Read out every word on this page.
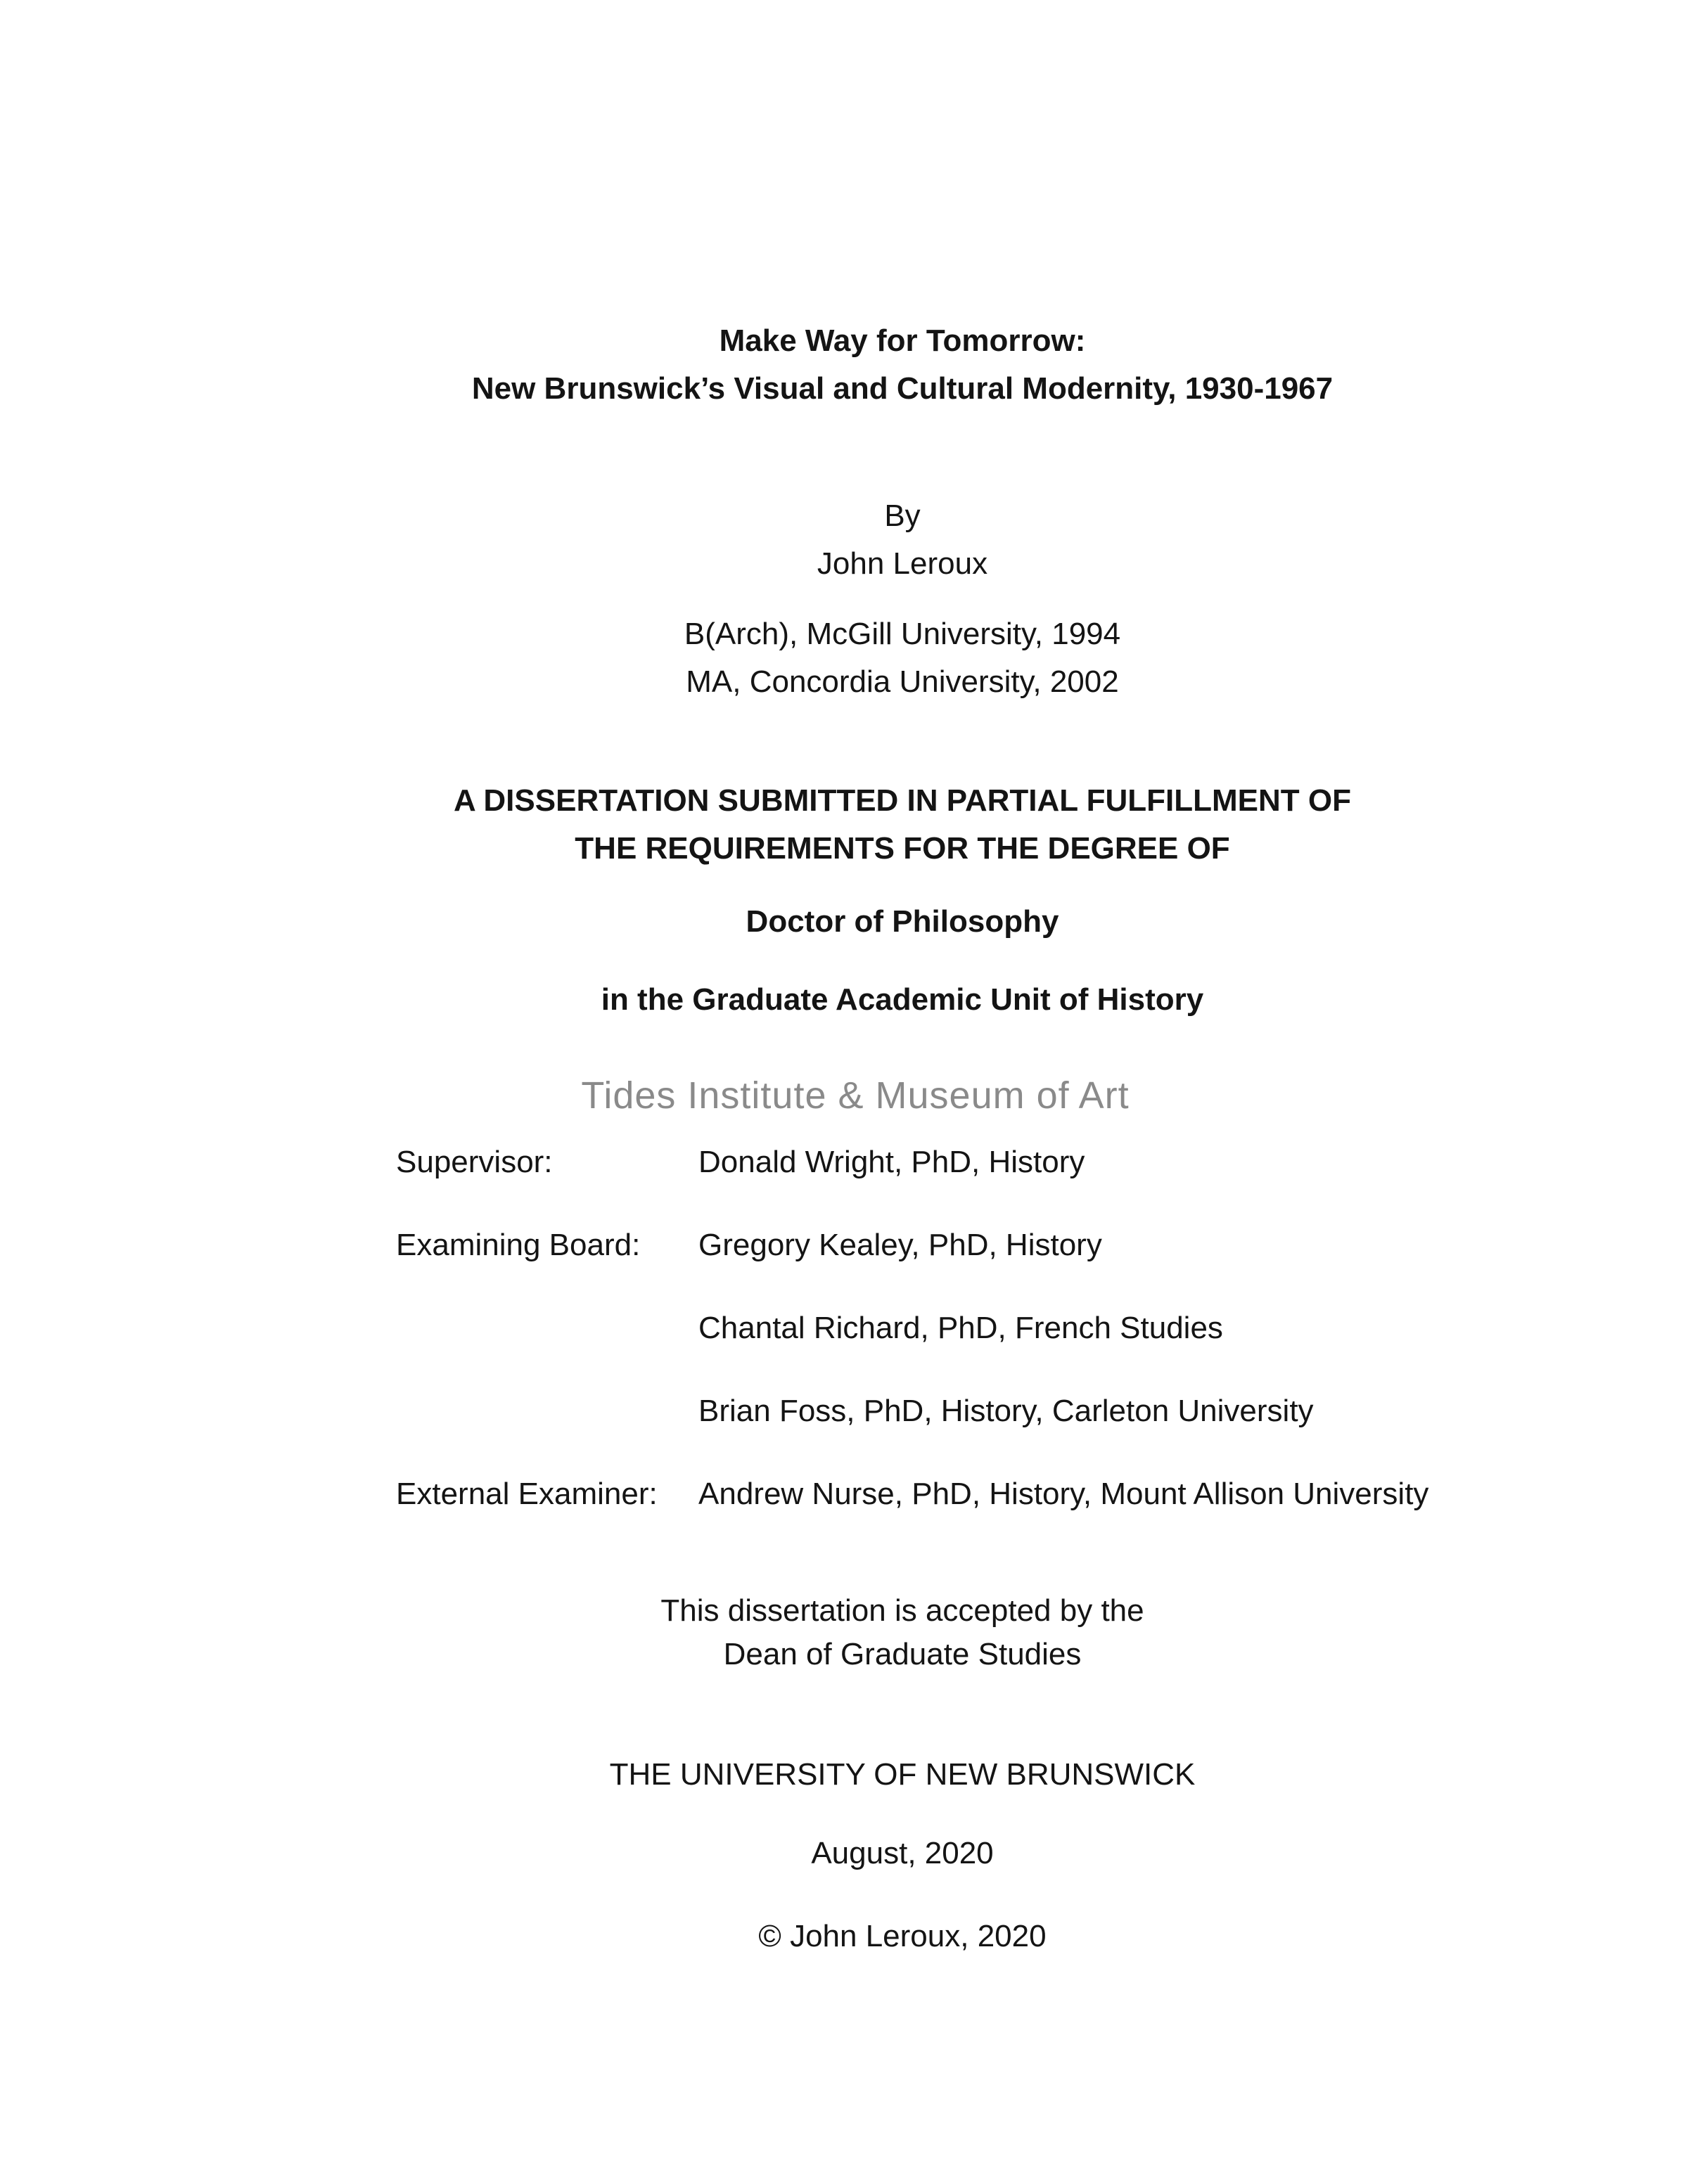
Make Way for Tomorrow:
New Brunswick’s Visual and Cultural Modernity, 1930-1967
By
John Leroux
B(Arch), McGill University, 1994
MA, Concordia University, 2002
A DISSERTATION SUBMITTED IN PARTIAL FULFILLMENT OF
THE REQUIREMENTS FOR THE DEGREE OF
Doctor of Philosophy
in the Graduate Academic Unit of History
Tides Institute & Museum of Art
Supervisor:	Donald Wright, PhD, History
Examining Board: Gregory Kealey, PhD, History
Chantal Richard, PhD, French Studies
Brian Foss, PhD, History, Carleton University
External Examiner: Andrew Nurse, PhD, History, Mount Allison University
This dissertation is accepted by the
Dean of Graduate Studies
THE UNIVERSITY OF NEW BRUNSWICK
August, 2020
© John Leroux, 2020
